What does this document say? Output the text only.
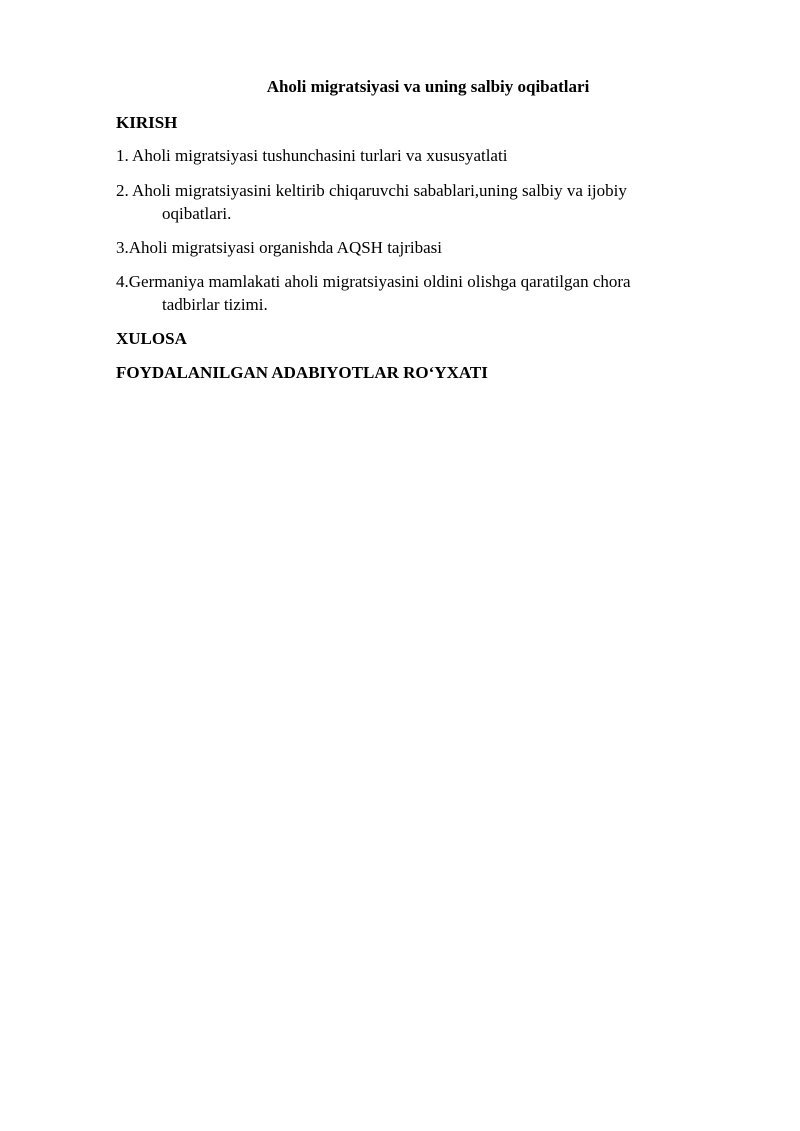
Aholi migratsiyasi va uning salbiy oqibatlari

KIRISH

1. Aholi migratsiyasi tushunchasini turlari va xususyatlati

2. Aholi migratsiyasini keltirib chiqaruvchi sabablari,uning salbiy va ijobiy

oqibatlari.

3.Aholi migratsiyasi organishda AQSH tajribasi

4.Germaniya mamlakati aholi migratsiyasini oldini olishga qaratilgan chora

tadbirlar tizimi.

XULOSA

FOYDALANILGAN ADABIYOTLAR RO‘YXATI
